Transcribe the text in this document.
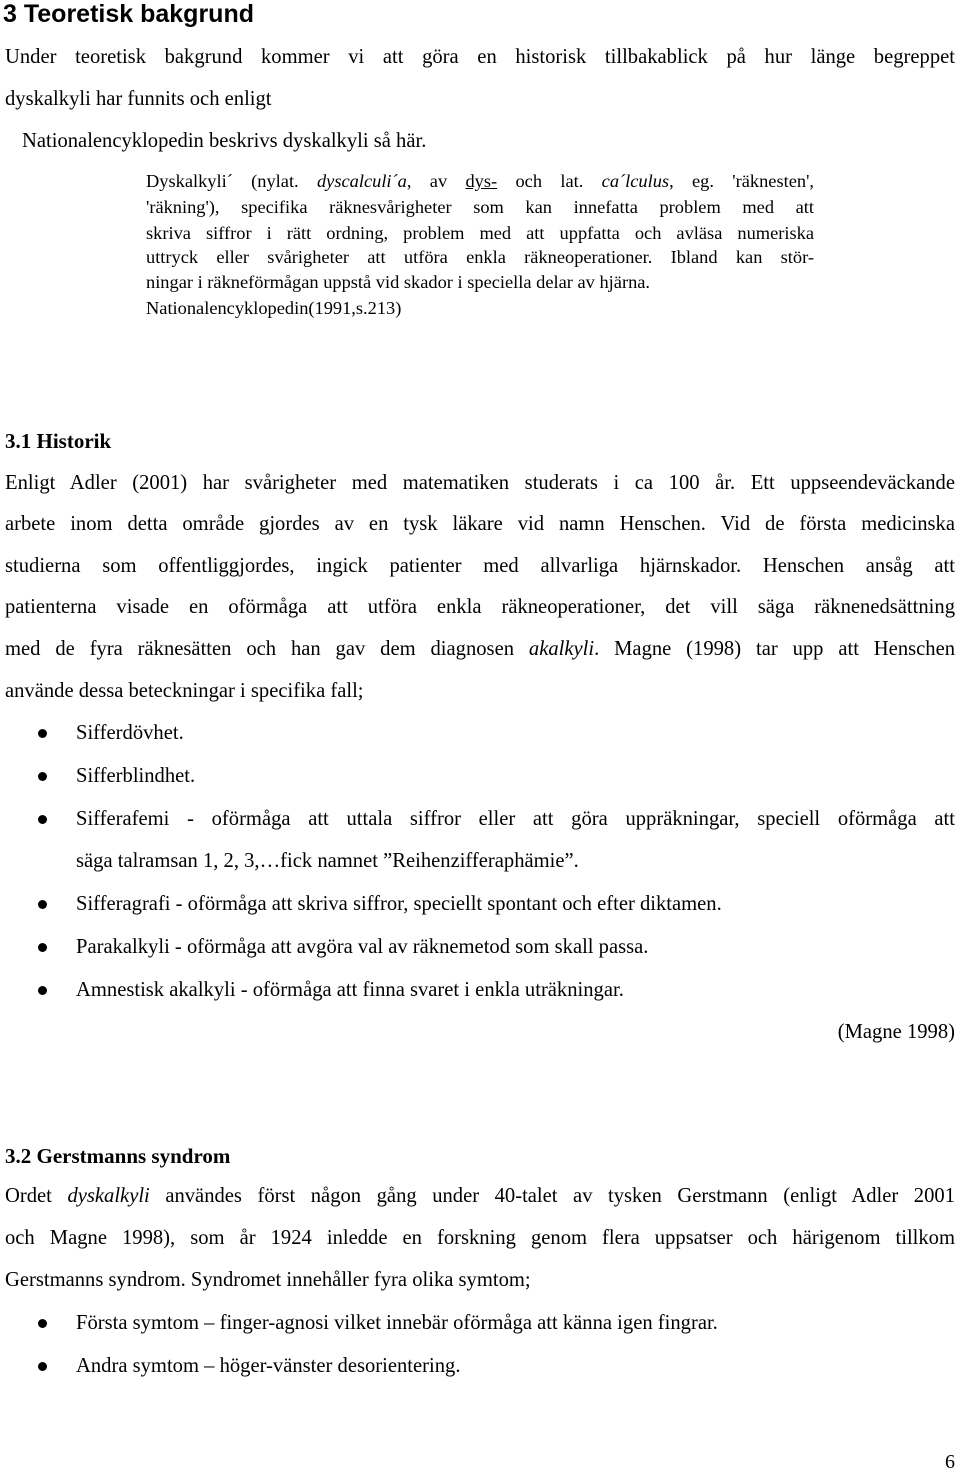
3 Teoretisk bakgrund
Under teoretisk bakgrund kommer vi att göra en historisk tillbakablick på hur länge begreppet
dyskalkyli har funnits och enligt
Nationalencyklopedin beskrivs dyskalkyli så här.
Dyskalkyli´ (nylat. dyscalculi´a, av dys- och lat. ca´lculus, eg. 'räknesten',
'räkning'), specifika räknesvårigheter som kan innefatta problem med att
skriva siffror i rätt ordning, problem med att uppfatta och avläsa numeriska
uttryck eller svårigheter att utföra enkla räkneoperationer. Ibland kan stör-
ningar i räkneförmågan uppstå vid skador i speciella delar av hjärna.
Nationalencyklopedin(1991,s.213)
3.1 Historik
Enligt Adler (2001) har svårigheter med matematiken studerats i ca 100 år. Ett uppseendeväckande
arbete inom detta område gjordes av en tysk läkare vid namn Henschen. Vid de första medicinska
studierna som offentliggjordes, ingick patienter med allvarliga hjärnskador. Henschen ansåg att
patienterna visade en oförmåga att utföra enkla räkneoperationer, det vill säga räknenedsättning
med de fyra räknesätten och han gav dem diagnosen akalkyli. Magne (1998) tar upp att Henschen
använde dessa beteckningar i specifika fall;
Sifferdövhet.
Sifferblindhet.
Sifferafemi - oförmåga att uttala siffror eller att göra uppräkningar, speciell oförmåga att
säga talramsan 1, 2, 3,…fick namnet ”Reihenzifferaphämie”.
Sifferagrafi - oförmåga att skriva siffror, speciellt spontant och efter diktamen.
Parakalkyli - oförmåga att avgöra val av räknemetod som skall passa.
Amnestisk akalkyli - oförmåga att finna svaret i enkla uträkningar.
(Magne 1998)
3.2 Gerstmanns syndrom
Ordet dyskalkyli användes först någon gång under 40-talet av tysken Gerstmann (enligt Adler 2001
och Magne 1998), som år 1924 inledde en forskning genom flera uppsatser och härigenom tillkom
Gerstmanns syndrom. Syndromet innehåller fyra olika symtom;
Första symtom – finger-agnosi vilket innebär oförmåga att känna igen fingrar.
Andra symtom – höger-vänster desorientering.
6
